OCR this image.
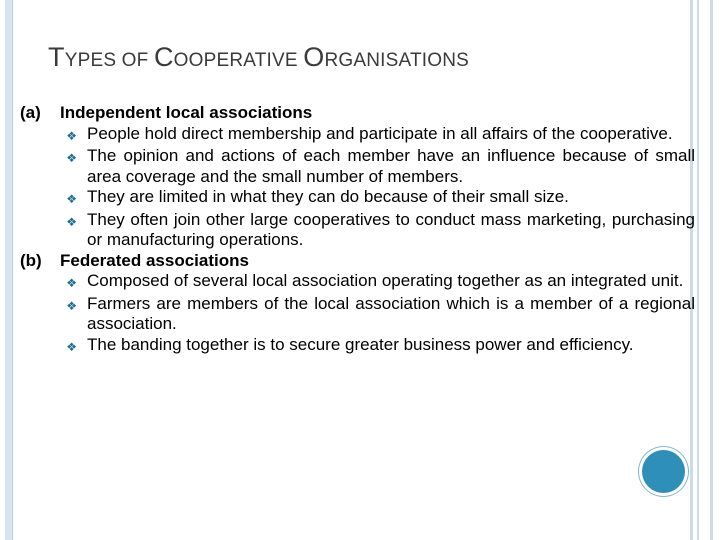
TYPES OF COOPERATIVE ORGANISATIONS
(a)	Independent local associations
❖ People hold direct membership and participate in all affairs of the cooperative.
❖ The opinion and actions of each member have an influence because of small area coverage and the small number of members.
❖ They are limited in what they can do because of their small size.
❖ They often join other large cooperatives to conduct mass marketing, purchasing or manufacturing operations.
(b)	Federated associations
❖ Composed of several local association operating together as an integrated unit.
❖ Farmers are members of the local association which is a member of a regional association.
❖ The banding together is to secure greater business power and efficiency.
